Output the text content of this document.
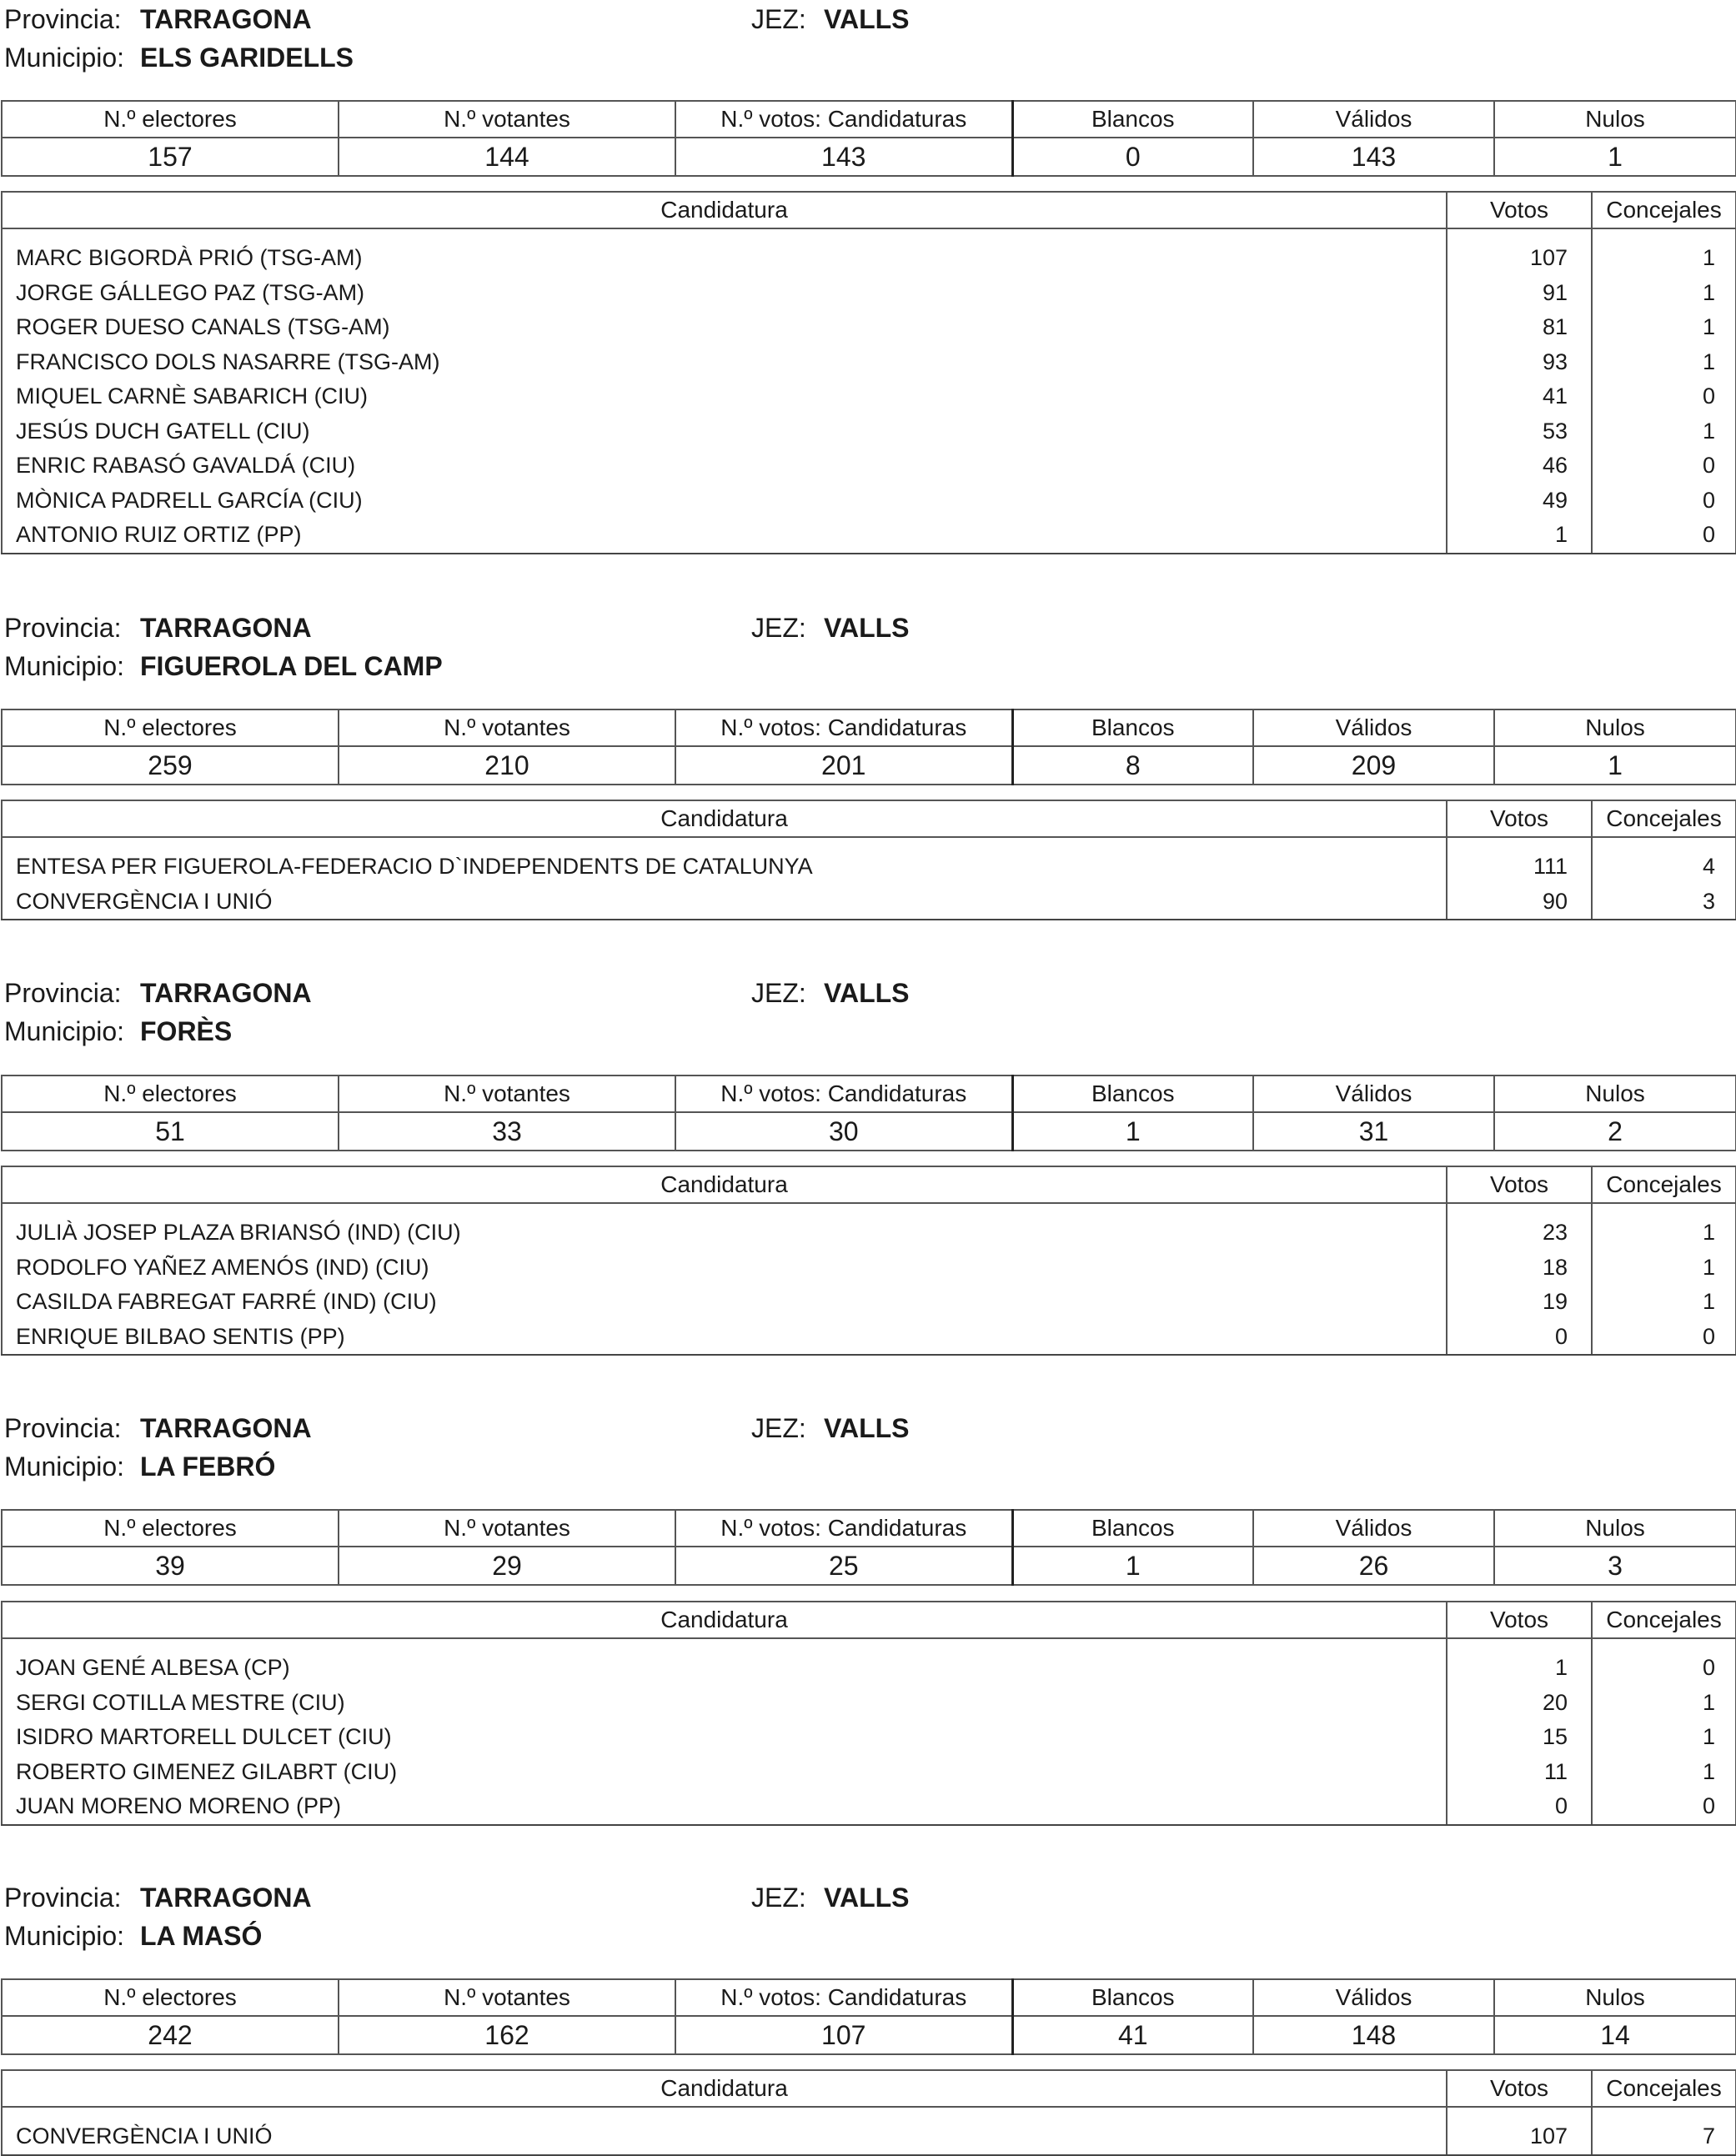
Provincia: TARRAGONA	JEZ: VALLS
Municipio: ELS GARIDELLS
N.º electores	N.º votantes	N.º votos: Candidaturas	Blancos	Válidos	Nulos
157	144	143	0	143	1
Candidatura	Votos	Concejales
MARC BIGORDÀ PRIÓ (TSG-AM)	107	1
JORGE GÁLLEGO PAZ (TSG-AM)	91	1
ROGER DUESO CANALS (TSG-AM)	81	1
FRANCISCO DOLS NASARRE (TSG-AM)	93	1
MIQUEL CARNÈ SABARICH (CIU)	41	0
JESÚS DUCH GATELL (CIU)	53	1
ENRIC RABASÓ GAVALDÁ (CIU)	46	0
MÒNICA PADRELL GARCÍA (CIU)	49	0
ANTONIO RUIZ ORTIZ (PP)	1	0
Provincia: TARRAGONA	JEZ: VALLS
Municipio: FIGUEROLA DEL CAMP
N.º electores	N.º votantes	N.º votos: Candidaturas	Blancos	Válidos	Nulos
259	210	201	8	209	1
Candidatura	Votos	Concejales
ENTESA PER FIGUEROLA-FEDERACIO D`INDEPENDENTS DE CATALUNYA	111	4
CONVERGÈNCIA I UNIÓ	90	3
Provincia: TARRAGONA	JEZ: VALLS
Municipio: FORÈS
N.º electores	N.º votantes	N.º votos: Candidaturas	Blancos	Válidos	Nulos
51	33	30	1	31	2
Candidatura	Votos	Concejales
JULIÀ JOSEP PLAZA BRIANSÓ (IND) (CIU)	23	1
RODOLFO YAÑEZ AMENÓS (IND) (CIU)	18	1
CASILDA FABREGAT FARRÉ (IND) (CIU)	19	1
ENRIQUE BILBAO SENTIS (PP)	0	0
Provincia: TARRAGONA	JEZ: VALLS
Municipio: LA FEBRÓ
N.º electores	N.º votantes	N.º votos: Candidaturas	Blancos	Válidos	Nulos
39	29	25	1	26	3
Candidatura	Votos	Concejales
JOAN GENÉ ALBESA (CP)	1	0
SERGI COTILLA MESTRE (CIU)	20	1
ISIDRO MARTORELL DULCET (CIU)	15	1
ROBERTO GIMENEZ GILABRT (CIU)	11	1
JUAN MORENO MORENO (PP)	0	0
Provincia: TARRAGONA	JEZ: VALLS
Municipio: LA MASÓ
N.º electores	N.º votantes	N.º votos: Candidaturas	Blancos	Válidos	Nulos
242	162	107	41	148	14
Candidatura	Votos	Concejales
CONVERGÈNCIA I UNIÓ	107	7
